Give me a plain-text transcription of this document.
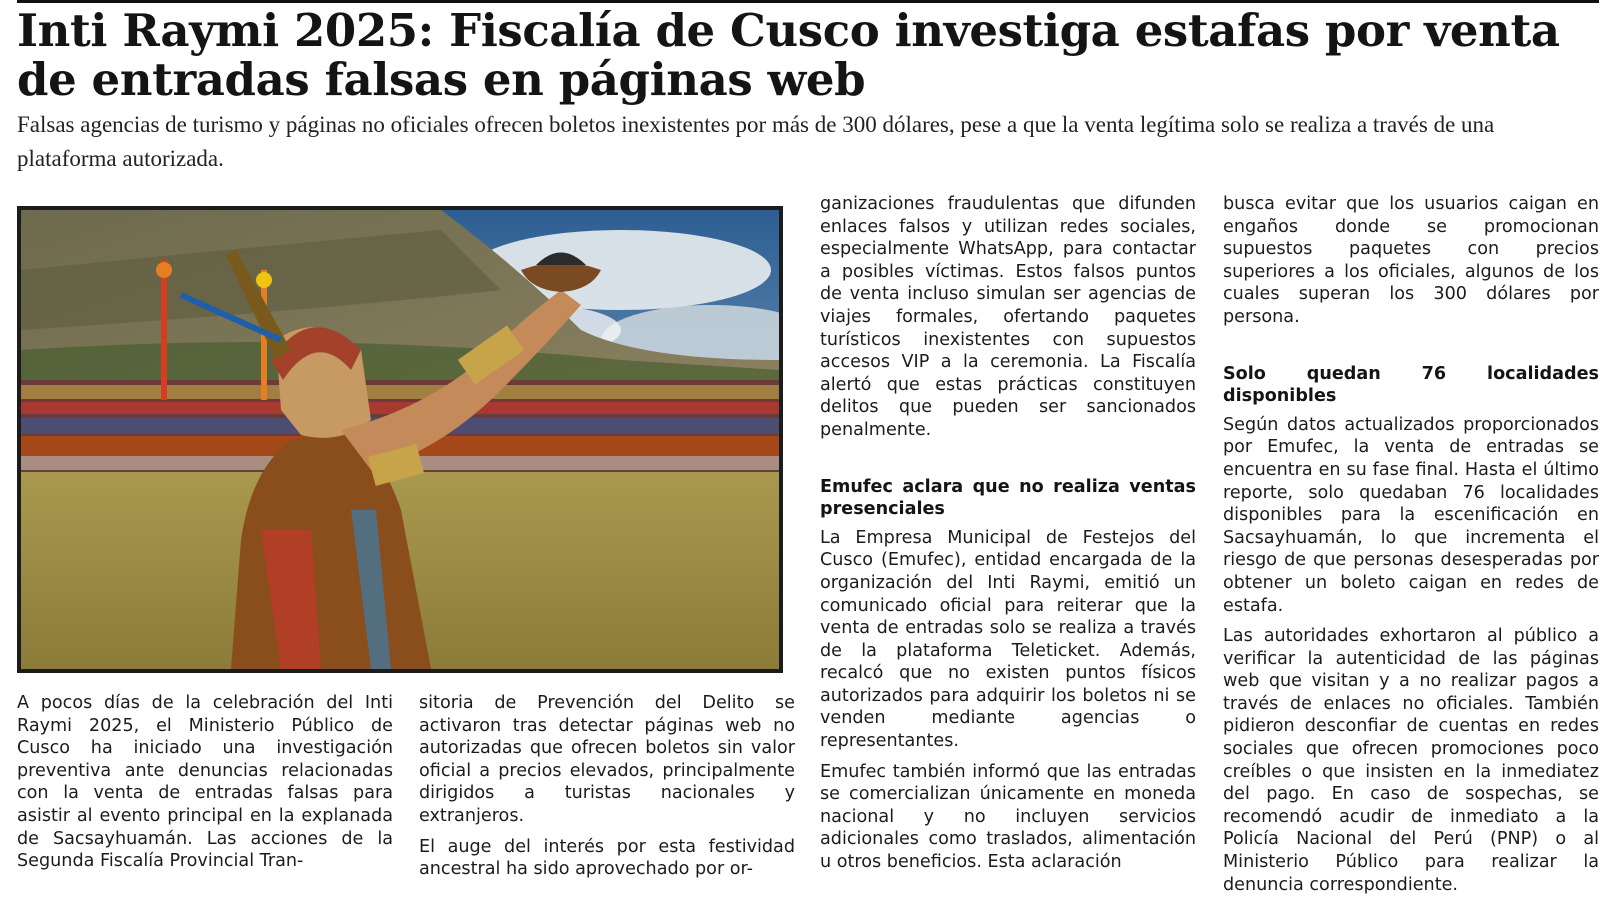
Inti Raymi 2025: Fiscalía de Cusco investiga estafas por venta de entradas falsas en páginas web

Falsas agencias de turismo y páginas no oficiales ofrecen boletos inexistentes por más de 300 dólares, pese a que la venta legítima solo se realiza a través de una plataforma autorizada.

A pocos días de la celebración del Inti Raymi 2025, el Ministerio Público de Cusco ha iniciado una investigación preventiva ante denuncias relacionadas con la venta de entradas falsas para asistir al evento principal en la explanada de Sacsayhuamán. Las acciones de la Segunda Fiscalía Provincial Tran-

sitoria de Prevención del Delito se activaron tras detectar páginas web no autorizadas que ofrecen boletos sin valor oficial a precios elevados, principalmente dirigidos a turistas nacionales y extranjeros.

El auge del interés por esta festividad ancestral ha sido aprovechado por or-

ganizaciones fraudulentas que difunden enlaces falsos y utilizan redes sociales, especialmente WhatsApp, para contactar a posibles víctimas. Estos falsos puntos de venta incluso simulan ser agencias de viajes formales, ofertando paquetes turísticos inexistentes con supuestos accesos VIP a la ceremonia. La Fiscalía alertó que estas prácticas constituyen delitos que pueden ser sancionados penalmente.

Emufec aclara que no realiza ventas presenciales

La Empresa Municipal de Festejos del Cusco (Emufec), entidad encargada de la organización del Inti Raymi, emitió un comunicado oficial para reiterar que la venta de entradas solo se realiza a través de la plataforma Teleticket. Además, recalcó que no existen puntos físicos autorizados para adquirir los boletos ni se venden mediante agencias o representantes.

Emufec también informó que las entradas se comercializan únicamente en moneda nacional y no incluyen servicios adicionales como traslados, alimentación u otros beneficios. Esta aclaración

busca evitar que los usuarios caigan en engaños donde se promocionan supuestos paquetes con precios superiores a los oficiales, algunos de los cuales superan los 300 dólares por persona.

Solo quedan 76 localidades disponibles

Según datos actualizados proporcionados por Emufec, la venta de entradas se encuentra en su fase final. Hasta el último reporte, solo quedaban 76 localidades disponibles para la escenificación en Sacsayhuamán, lo que incrementa el riesgo de que personas desesperadas por obtener un boleto caigan en redes de estafa.

Las autoridades exhortaron al público a verificar la autenticidad de las páginas web que visitan y a no realizar pagos a través de enlaces no oficiales. También pidieron desconfiar de cuentas en redes sociales que ofrecen promociones poco creíbles o que insisten en la inmediatez del pago. En caso de sospechas, se recomendó acudir de inmediato a la Policía Nacional del Perú (PNP) o al Ministerio Público para realizar la denuncia correspondiente.
